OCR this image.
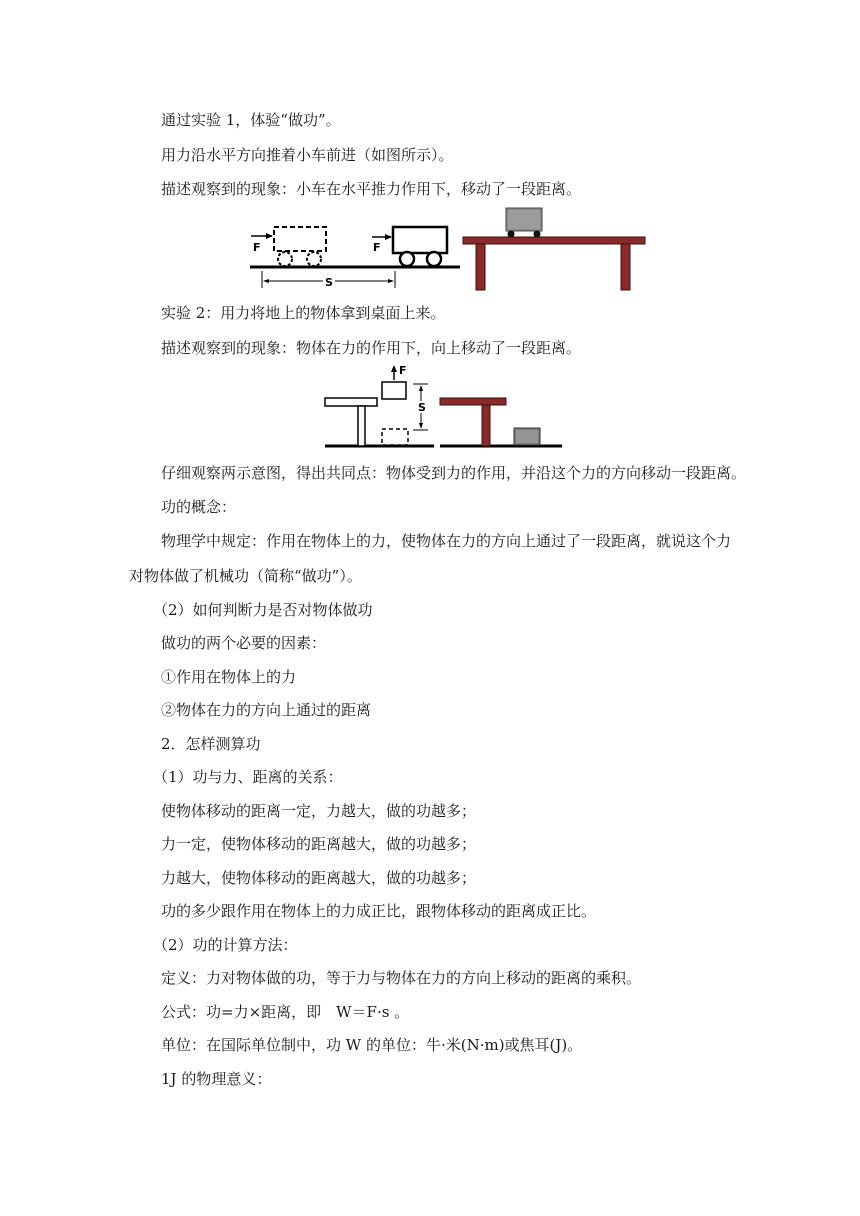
通过实验 1，体验“做功”。
用力沿水平方向推着小车前进（如图所示）。
描述观察到的现象：小车在水平推力作用下，移动了一段距离。
F	F
S
实验 2：用力将地上的物体拿到桌面上来。
描述观察到的现象：物体在力的作用下，向上移动了一段距离。
F
S
仔细观察两示意图，得出共同点：物体受到力的作用，并沿这个力的方向移动一段距离。
功的概念：
物理学中规定：作用在物体上的力，使物体在力的方向上通过了一段距离，就说这个力
对物体做了机械功（简称“做功”）。
（2）如何判断力是否对物体做功
做功的两个必要的因素：
①作用在物体上的力
②物体在力的方向上通过的距离
2．怎样测算功
（1）功与力、距离的关系：
使物体移动的距离一定，力越大，做的功越多；
力一定，使物体移动的距离越大，做的功越多；
力越大，使物体移动的距离越大，做的功越多；
功的多少跟作用在物体上的力成正比，跟物体移动的距离成正比。
（2）功的计算方法：
定义：力对物体做的功，等于力与物体在力的方向上移动的距离的乘积。
公式：功=力×距离，即　W＝F·s 。
单位：在国际单位制中，功 W 的单位：牛·米(N·m)或焦耳(J)。
1J 的物理意义：
